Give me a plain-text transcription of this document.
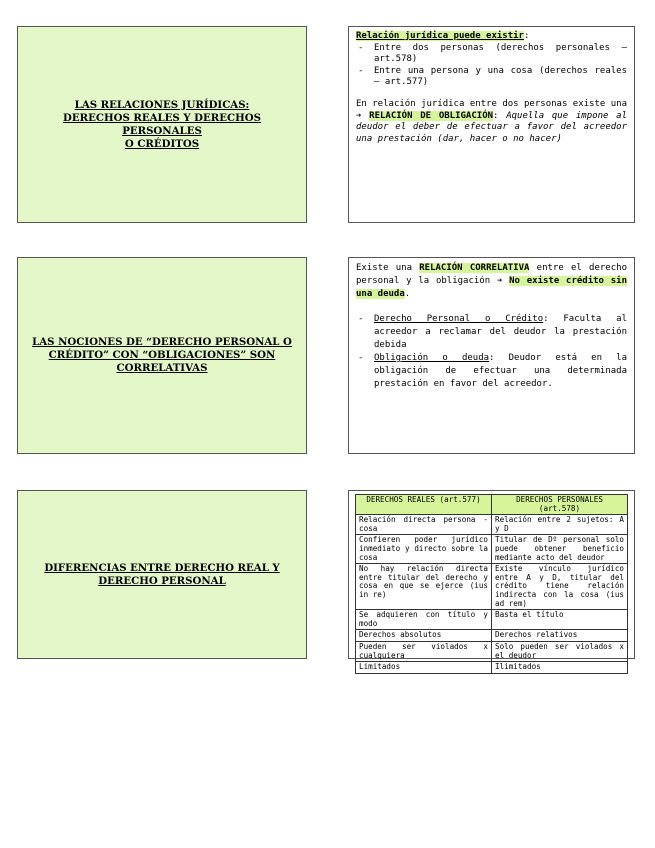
LAS RELACIONES JURÍDICAS:
DERECHOS REALES Y DERECHOS PERSONALES
O CRÉDITOS
Relación jurídica puede existir:
- Entre dos personas (derechos personales – art.578)
- Entre una persona y una cosa (derechos reales – art.577)
En relación jurídica entre dos personas existe una ➔ RELACIÓN DE OBLIGACIÓN: Aquella que impone al deudor el deber de efectuar a favor del acreedor una prestación (dar, hacer o no hacer)
LAS NOCIONES DE “DERECHO PERSONAL O CRÉDITO” CON “OBLIGACIONES” SON CORRELATIVAS
Existe una RELACIÓN CORRELATIVA entre el derecho personal y la obligación ➔ No existe crédito sin una deuda.
- Derecho Personal o Crédito: Faculta al acreedor a reclamar del deudor la prestación debida
- Obligación o deuda: Deudor está en la obligación de efectuar una determinada prestación en favor del acreedor.
DIFERENCIAS ENTRE DERECHO REAL Y DERECHO PERSONAL
DERECHOS REALES (art.577)	DERECHOS PERSONALES (art.578)
Relación directa persona - cosa	Relación entre 2 sujetos: A y D
Confieren poder jurídico inmediato y directo sobre la cosa	Titular de Dº personal solo puede obtener beneficio mediante acto del deudor
No hay relación directa entre titular del derecho y cosa en que se ejerce (ius in re)	Existe vínculo jurídico entre A y D, titular del crédito tiene relación indirecta con la cosa (ius ad rem)
Se adquieren con título y modo	Basta el título
Derechos absolutos	Derechos relativos
Pueden ser violados x cualquiera	Solo pueden ser violados x el deudor
Limitados	Ilimitados
